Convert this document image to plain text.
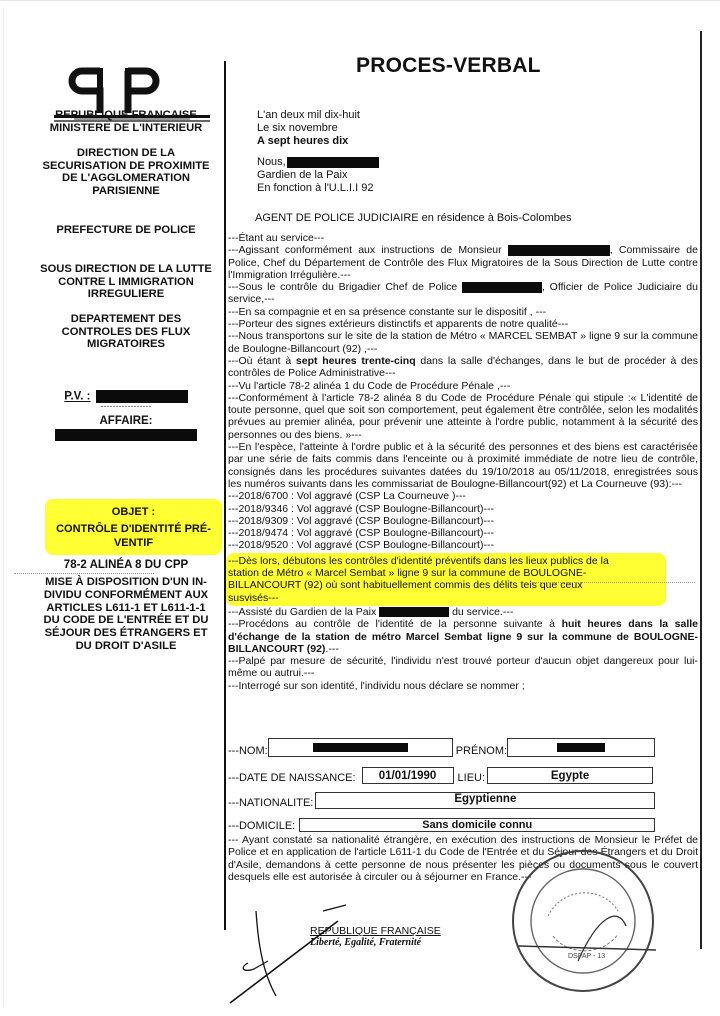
PROCES-VERBAL
REPUBLIQUE FRANCAISE
MINISTERE DE L'INTERIEUR
DIRECTION DE LA
SECURISATION DE PROXIMITE
DE L'AGGLOMERATION
PARISIENNE
PREFECTURE DE POLICE
SOUS DIRECTION DE LA LUTTE
CONTRE L IMMIGRATION
IRREGULIERE
DEPARTEMENT DES
CONTROLES DES FLUX
MIGRATOIRES
P.V. :
-----------------
AFFAIRE:
OBJET :
CONTRÔLE D'IDENTITÉ PRÉ-
VENTIF
78-2 ALINÉA 8 DU CPP
MISE À DISPOSITION D'UN IN-
DIVIDU CONFORMÉMENT AUX
ARTICLES L611-1 ET L611-1-1
DU CODE DE L'ENTRÉE ET DU
SÉJOUR DES ÉTRANGERS ET
DU DROIT D'ASILE
L'an deux mil dix-huit
Le six novembre
A sept heures dix
Nous,
Gardien de la Paix
En fonction à l'U.L.I.I 92
AGENT DE POLICE JUDICIAIRE en résidence à Bois-Colombes

---Étant au service---

---Agissant conformément aux instructions de Monsieur	, Commissaire de Police, Chef du Département de Contrôle des Flux Migratoires de la Sous Direction de Lutte contre l'Immigration Irrégulière.---

---Sous le contrôle du Brigadier Chef de Police	, Officier de Police Judiciaire du service,---

---En sa compagnie et en sa présence constante sur le dispositif , ---

---Porteur des signes extérieurs distinctifs et apparents de notre qualité---

---Nous transportons sur le site de la station de Métro « MARCEL SEMBAT » ligne 9 sur la commune de Boulogne-Billancourt (92) ,---

---Où étant à sept heures trente-cinq dans la salle d'échanges, dans le but de procéder à des contrôles de Police Administrative---

---Vu l'article 78-2 alinéa 1 du Code de Procédure Pénale ,---

---Conformément à l'article 78-2 alinéa 8 du Code de Procédure Pénale qui stipule :« L'identité de toute personne, quel que soit son comportement, peut également être contrôlée, selon les modalités prévues au premier alinéa, pour prévenir une atteinte à l'ordre public, notamment à la sécurité des personnes ou des biens. »---

---En l'espèce, l'atteinte à l'ordre public et à la sécurité des personnes et des biens est caractérisée par une série de faits commis dans l'enceinte ou à proximité immédiate de notre lieu de contrôle, consignés dans les procédures suivantes datées du 19/10/2018 au 05/11/2018, enregistrées sous les numéros suivants dans les commissariat de Boulogne-Billancourt(92) et La Courneuve (93):---

---2018/6700 : Vol aggravé (CSP La Courneuve )---

---2018/9346 : Vol aggravé (CSP Boulogne-Billancourt)---

---2018/9309 : Vol aggravé (CSP Boulogne-Billancourt)---

---2018/9474 : Vol aggravé (CSP Boulogne-Billancourt)---

---2018/9520 : Vol aggravé (CSP Boulogne-Billancourt)---

---Dès lors, débutons les contrôles d'identité préventifs dans les lieux publics de la
station de Métro « Marcel Sembat » ligne 9 sur la commune de BOULOGNE-
BILLANCOURT (92) où sont habituellement commis des délits tels que ceux
susvisés---

---Assisté du Gardien de la Paix	du service.---

---Procédons au contrôle de l'identité de la personne suivante à huit heures dans la salle d'échange de la station de métro Marcel Sembat ligne 9 sur la commune de BOULOGNE-BILLANCOURT (92).---

---Palpé par mesure de sécurité, l'individu n'est trouvé porteur d'aucun objet dangereux pour lui-même ou autrui.---

---Interrogé sur son identité, l'individu nous déclare se nommer ;

---NOM:	PRÉNOM:
---DATE DE NAISSANCE:	01/01/1990	LIEU:	Egypte
---NATIONALITE:	Egyptienne
---DOMICILE:	Sans domicile connu

--- Ayant constaté sa nationalité étrangère, en exécution des instructions de Monsieur le Préfet de Police et en application de l'article L611-1 du Code de l'Entrée et du Séjour des Étrangers et du Droit d'Asile, demandons à cette personne de nous présenter les pièces ou documents sous le couvert desquels elle est autorisée à circuler ou à séjourner en France.---

REPUBLIQUE FRANÇAISE
Liberté, Egalité, Fraternité
DSPAP - 13
